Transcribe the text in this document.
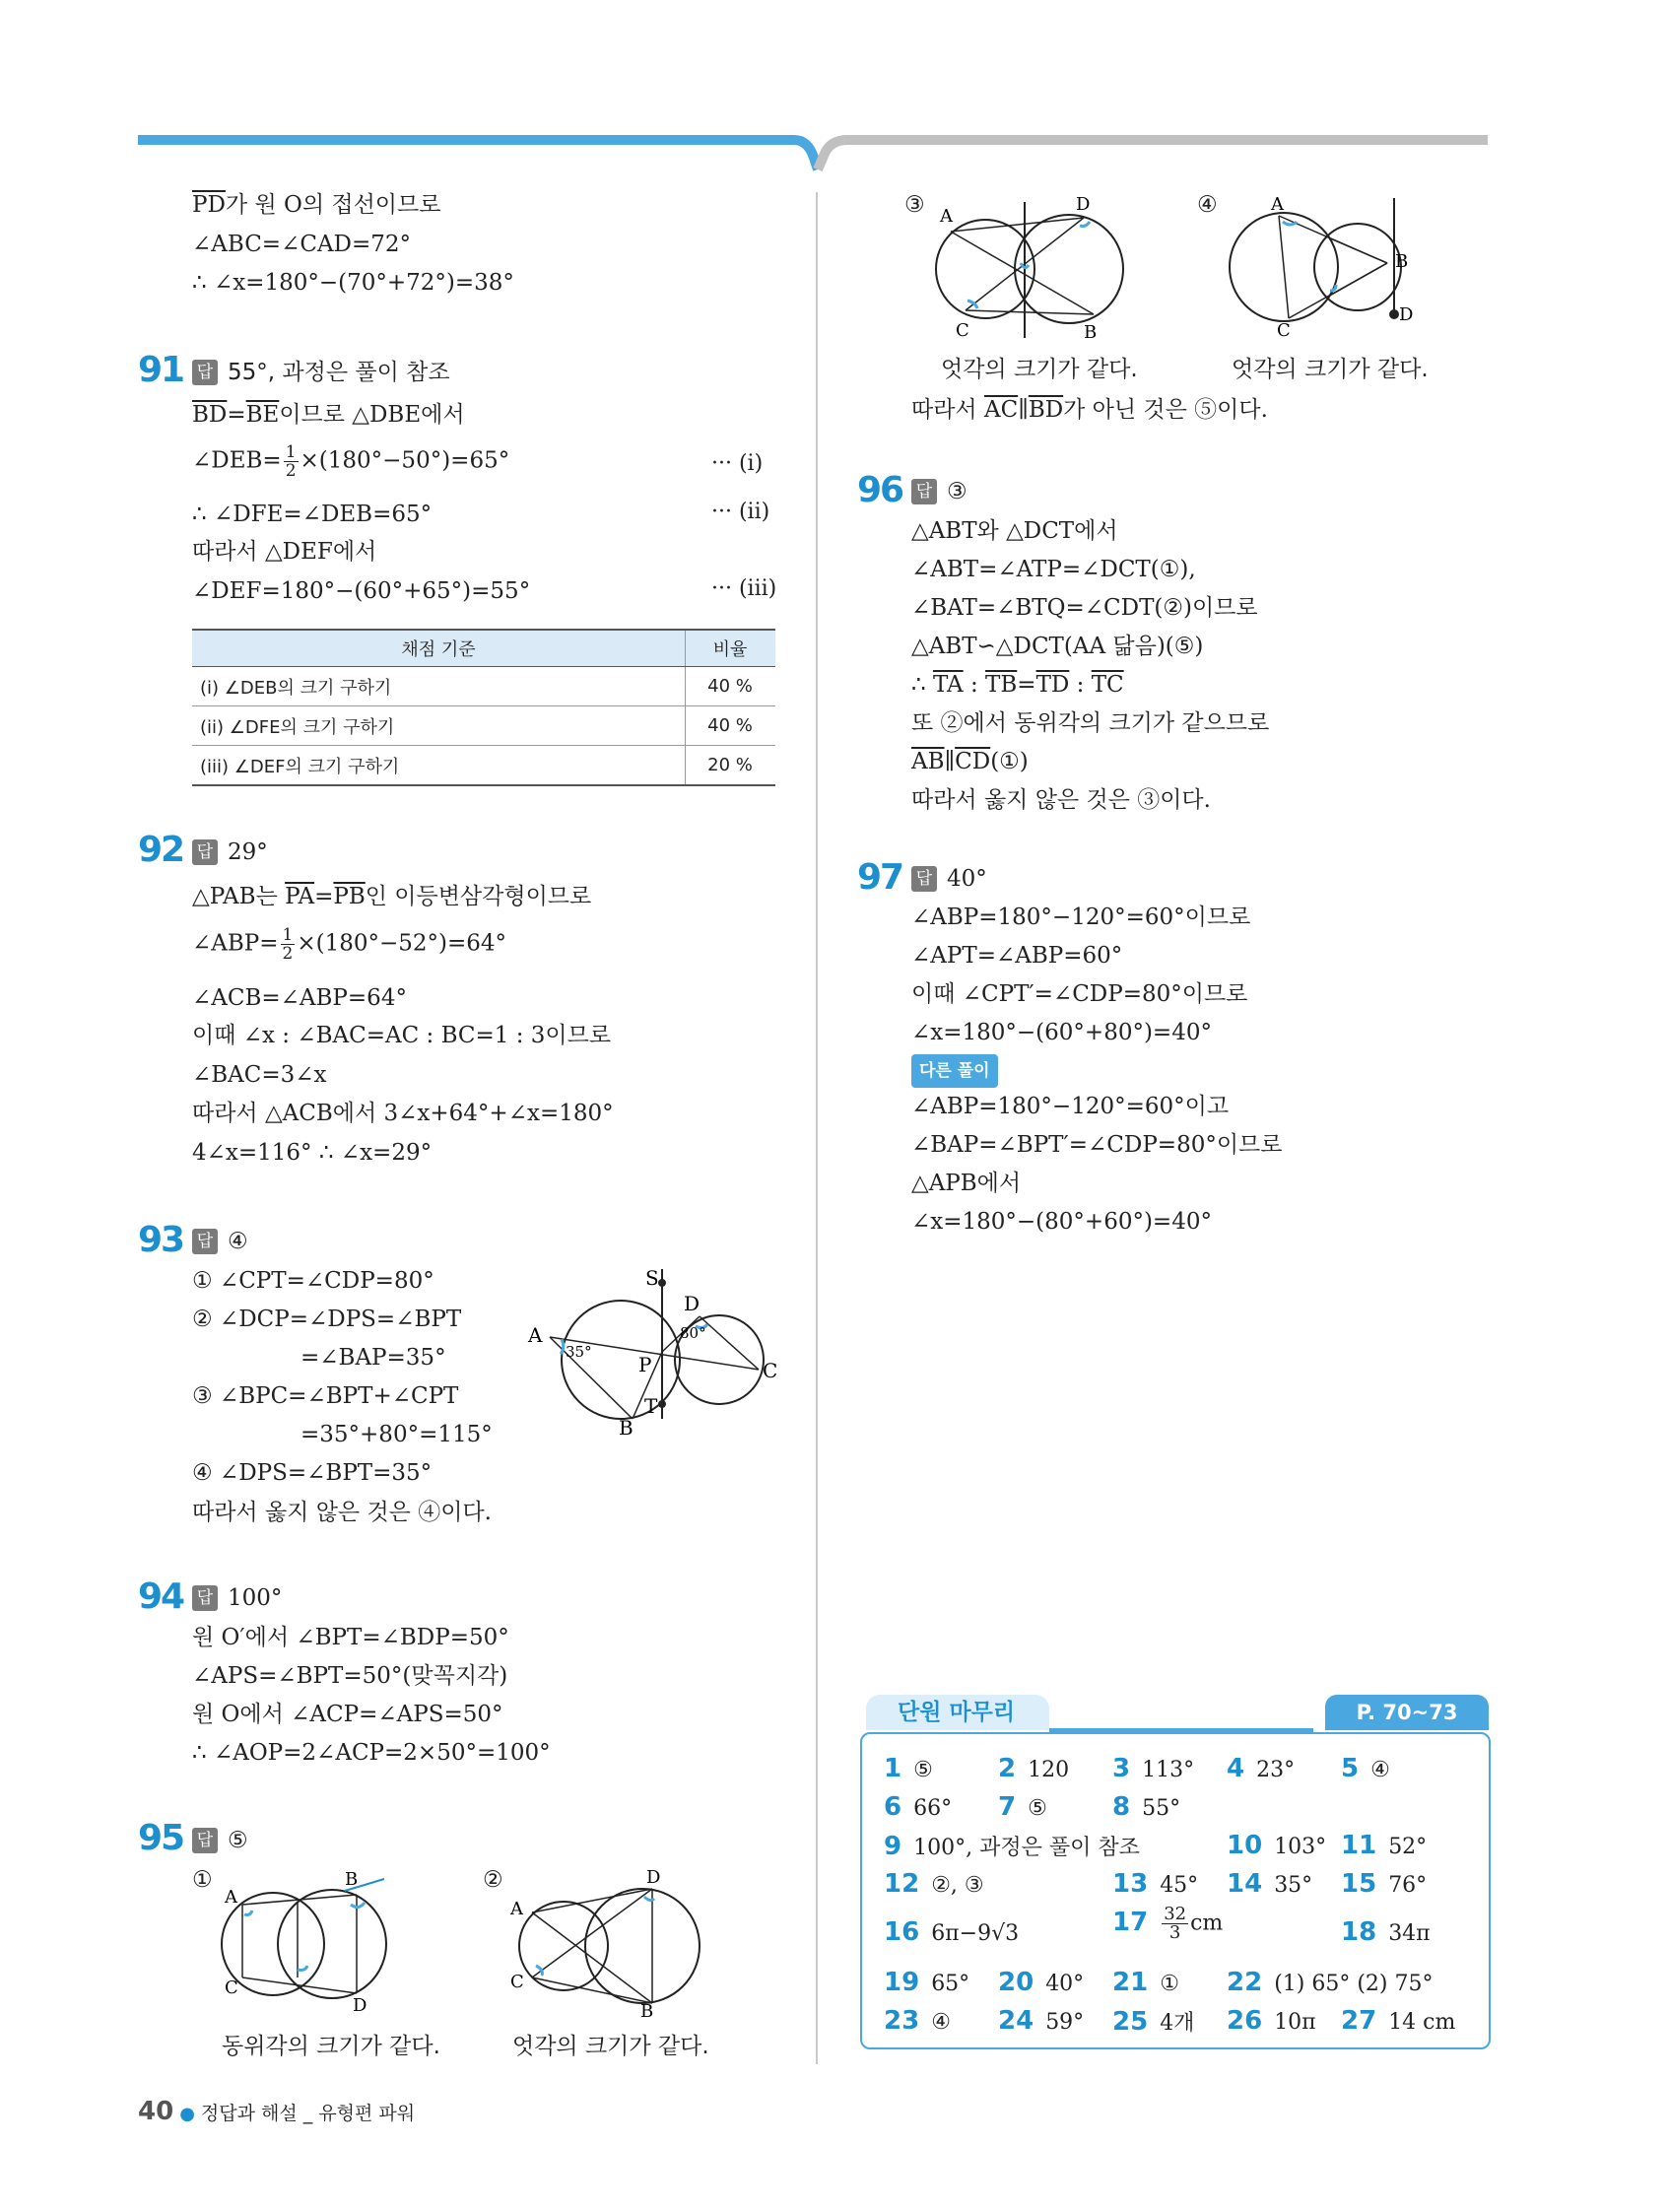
$\overline{PD}$가 원 O의 접선이므로
∠ABC=∠CAD=72°
∴ ∠x=180°−(70°+72°)=38°
91 답 55°, 과정은 풀이 참조
$\overline{BD}=\overline{BE}$이므로 △DBE에서
∠DEB= $\frac{1}{2} \times(180^\circ-50^\circ)=65^\circ$	··· (i)
∴ ∠DFE=∠DEB=65°	··· (ii)
따라서 △DEF에서
∠DEF=180°−(60°+65°)=55°	··· (iii)
채점 기준	비율
(i) ∠DEB의 크기 구하기	40 %
(ii) ∠DFE의 크기 구하기	40 %
(iii) ∠DEF의 크기 구하기	20 %
92 답 29°
△PAB는 $\overline{PA}=\overline{PB}$인 이등변삼각형이므로
∠ABP= $\frac{1}{2} \times(180^\circ-52^\circ)=64^\circ$
∠ACB=∠ABP=64°
이때 ∠x : ∠BAC=AC : BC=1 : 3이므로
∠BAC=3∠x
따라서 △ACB에서 3∠x+64°+∠x=180°
4∠x=116° ∴ ∠x=29°
93 답 ④
① ∠CPT=∠CDP=80°
② ∠DCP=∠DPS=∠BPT
=∠BAP=35°
③ ∠BPC=∠BPT+∠CPT
=35°+80°=115°
④ ∠DPS=∠BPT=35°
따라서 옳지 않은 것은 ④이다.
S
D
A
P	C
B
T
35°
80°
94 답 100°
원 O′에서 ∠BPT=∠BDP=50°
∠APS=∠BPT=50°(맞꼭지각)
원 O에서 ∠ACP=∠APS=50°
∴ ∠AOP=2∠ACP=2×50°=100°
95 답 ⑤
①
A
B
C
D
동위각의 크기가 같다.
②
A
B
C
D
엇각의 크기가 같다.
③ A
B
C
D
엇각의 크기가 같다.
④	A
B
C
D
엇각의 크기가 같다.
따라서 $\overline{AC}\parallel\overline{BD}$가 아닌 것은 ⑤이다.
96 답 ③
△ABT와 △DCT에서
∠ABT=∠ATP=∠DCT(①),
∠BAT=∠BTQ=∠CDT(②)이므로
△ABT∽△DCT(AA 닮음)(⑤)
∴ $\overline{TA}$ : $\overline{TB}=\overline{TD}$ : $\overline{TC}$
또 ②에서 동위각의 크기가 같으므로
$\overline{AB}\parallel\overline{CD}(①)$
따라서 옳지 않은 것은 ③이다.
97 답 40°
∠ABP=180°−120°=60°이므로
∠APT=∠ABP=60°
이때 ∠CPT′=∠CDP=80°이므로
∠x=180°−(60°+80°)=40°
다른 풀이
∠ABP=180°−120°=60°이고
∠BAP=∠BPT′=∠CDP=80°이므로
△APB에서
∠x=180°−(80°+60°)=40°
단원 마무리	P. 70~73
1 ⑤	2 120 3 113° 4 23° 5 ④
6 66° 7 ⑤	8 55°
9 100°, 과정은 풀이 참조	10 103° 11 52°
12 ②, ③	13 45° 14 35° 15 76°
16 6π−9√3	$17 \frac{32}{3}$ cm	18 34π
19 65° 20 40° 21 ① 22 (1) 65° (2) 75°
23 ④ 24 59° 25 4개 26 10π 27 14 cm
40 ● 정답과 해설 _ 유형편 파워
